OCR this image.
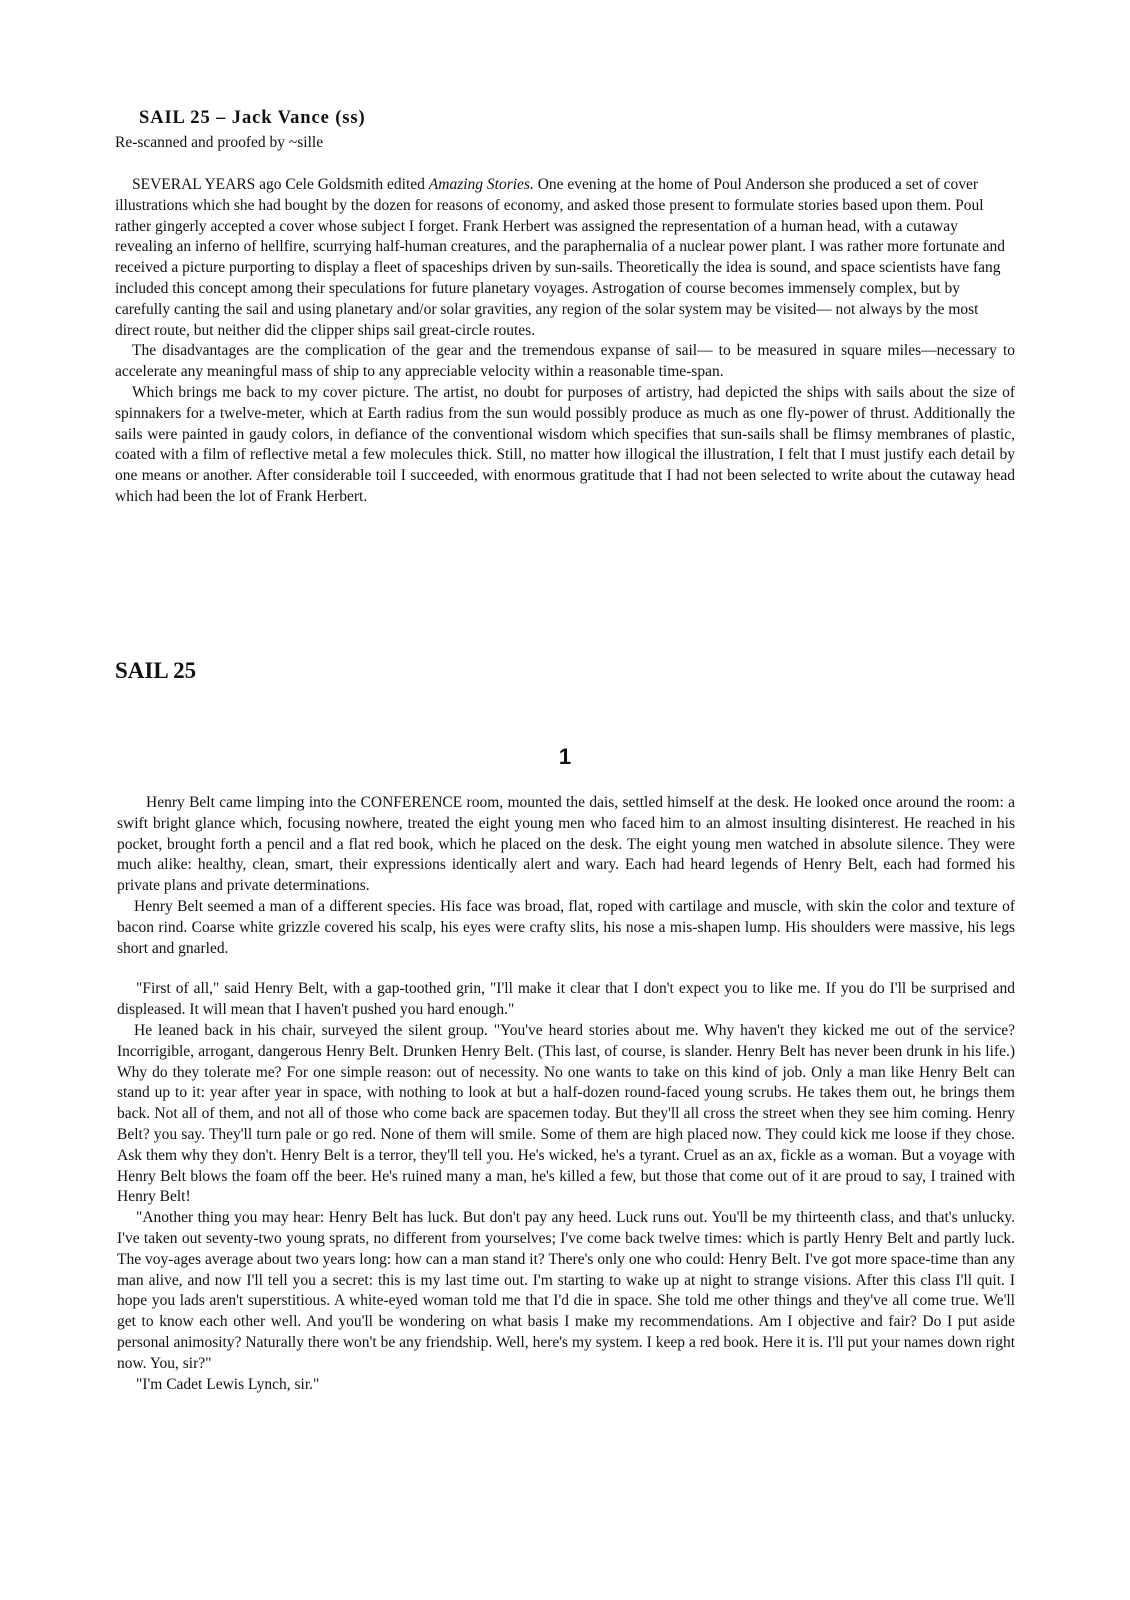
SAIL 25 – Jack Vance (ss)
Re-scanned and proofed by ~sille

SEVERAL YEARS ago Cele Goldsmith edited Amazing Stories. One evening at the home of Poul Anderson she produced a set of cover illustrations which she had bought by the dozen for reasons of economy, and asked those present to formulate stories based upon them. Poul rather gingerly accepted a cover whose subject I forget. Frank Herbert was assigned the representation of a human head, with a cutaway revealing an inferno of hellfire, scurrying half-human creatures, and the paraphernalia of a nuclear power plant. I was rather more fortunate and received a picture purporting to display a fleet of spaceships driven by sun-sails. Theoretically the idea is sound, and space scientists have fang included this concept among their speculations for future planetary voyages. Astrogation of course becomes immensely complex, but by carefully canting the sail and using planetary and/or solar gravities, any region of the solar system may be visited— not always by the most direct route, but neither did the clipper ships sail great-circle routes.

The disadvantages are the complication of the gear and the tremendous expanse of sail— to be measured in square miles—necessary to accelerate any meaningful mass of ship to any appreciable velocity within a reasonable time-span.

Which brings me back to my cover picture. The artist, no doubt for purposes of artistry, had depicted the ships with sails about the size of spinnakers for a twelve-meter, which at Earth radius from the sun would possibly produce as much as one fly-power of thrust. Additionally the sails were painted in gaudy colors, in defiance of the conventional wisdom which specifies that sun-sails shall be flimsy membranes of plastic, coated with a film of reflective metal a few molecules thick. Still, no matter how illogical the illustration, I felt that I must justify each detail by one means or another. After considerable toil I succeeded, with enormous gratitude that I had not been selected to write about the cutaway head which had been the lot of Frank Herbert.

SAIL 25
1

Henry Belt came limping into the CONFERENCE room, mounted the dais, settled himself at the desk. He looked once around the room: a swift bright glance which, focusing nowhere, treated the eight young men who faced him to an almost insulting disinterest. He reached in his pocket, brought forth a pencil and a flat red book, which he placed on the desk. The eight young men watched in absolute silence. They were much alike: healthy, clean, smart, their expressions identically alert and wary. Each had heard legends of Henry Belt, each had formed his private plans and private determinations.

Henry Belt seemed a man of a different species. His face was broad, flat, roped with cartilage and muscle, with skin the color and texture of bacon rind. Coarse white grizzle covered his scalp, his eyes were crafty slits, his nose a mis-shapen lump. His shoulders were massive, his legs short and gnarled.

"First of all," said Henry Belt, with a gap-toothed grin, "I'll make it clear that I don't expect you to like me. If you do I'll be surprised and displeased. It will mean that I haven't pushed you hard enough."

He leaned back in his chair, surveyed the silent group. "You've heard stories about me. Why haven't they kicked me out of the service? Incorrigible, arrogant, dangerous Henry Belt. Drunken Henry Belt. (This last, of course, is slander. Henry Belt has never been drunk in his life.) Why do they tolerate me? For one simple reason: out of necessity. No one wants to take on this kind of job. Only a man like Henry Belt can stand up to it: year after year in space, with nothing to look at but a half-dozen round-faced young scrubs. He takes them out, he brings them back. Not all of them, and not all of those who come back are spacemen today. But they'll all cross the street when they see him coming. Henry Belt? you say. They'll turn pale or go red. None of them will smile. Some of them are high placed now. They could kick me loose if they chose. Ask them why they don't. Henry Belt is a terror, they'll tell you. He's wicked, he's a tyrant. Cruel as an ax, fickle as a woman. But a voyage with Henry Belt blows the foam off the beer. He's ruined many a man, he's killed a few, but those that come out of it are proud to say, I trained with Henry Belt!

"Another thing you may hear: Henry Belt has luck. But don't pay any heed. Luck runs out. You'll be my thirteenth class, and that's unlucky. I've taken out seventy-two young sprats, no different from yourselves; I've come back twelve times: which is partly Henry Belt and partly luck. The voy-ages average about two years long: how can a man stand it? There's only one who could: Henry Belt. I've got more space-time than any man alive, and now I'll tell you a secret: this is my last time out. I'm starting to wake up at night to strange visions. After this class I'll quit. I hope you lads aren't superstitious. A white-eyed woman told me that I'd die in space. She told me other things and they've all come true. We'll get to know each other well. And you'll be wondering on what basis I make my recommendations. Am I objective and fair? Do I put aside personal animosity? Naturally there won't be any friendship. Well, here's my system. I keep a red book. Here it is. I'll put your names down right now. You, sir?"

"I'm Cadet Lewis Lynch, sir."
